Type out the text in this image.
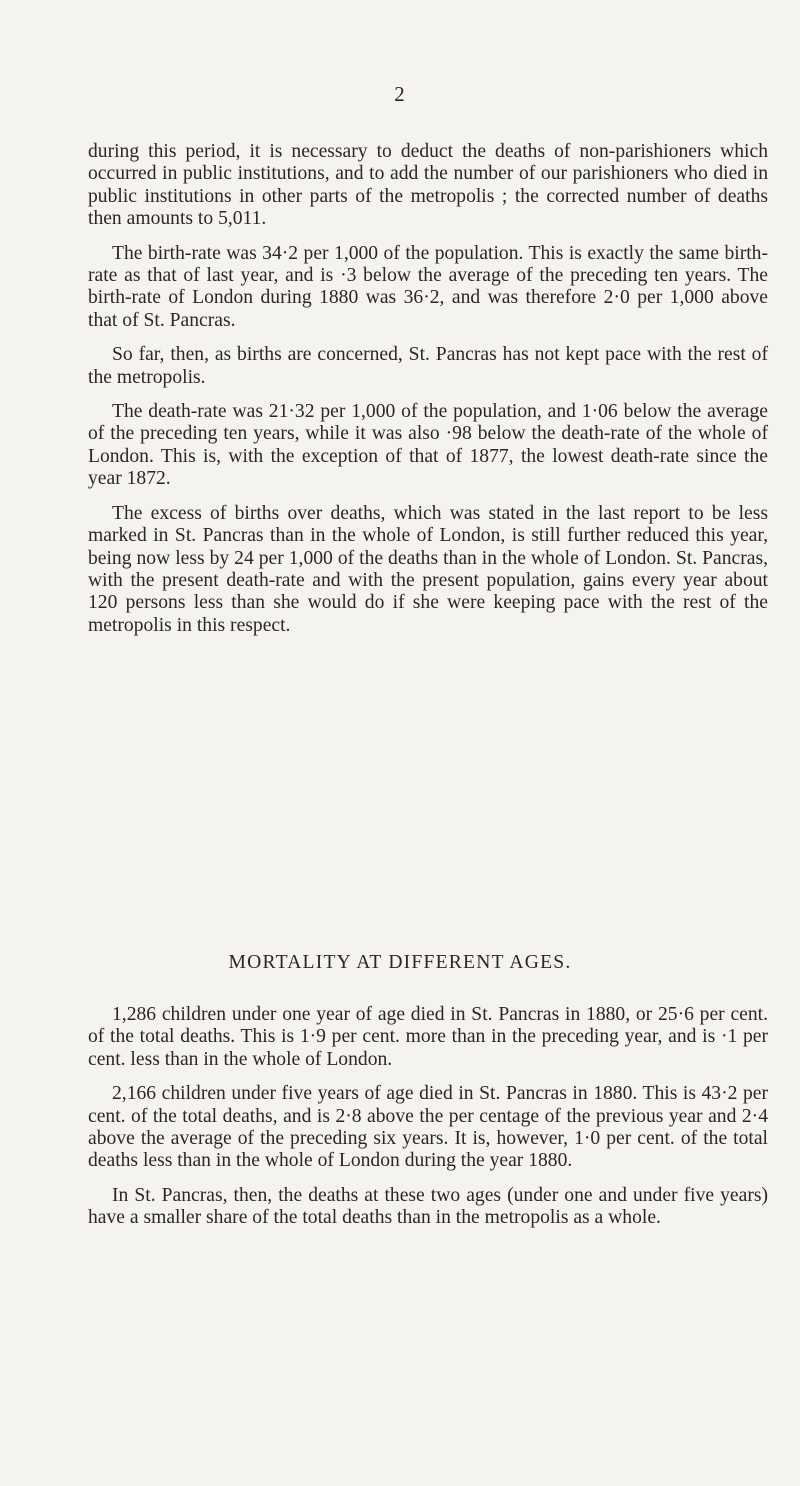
2

during this period, it is necessary to deduct the deaths of non-parishioners which occurred in public institutions, and to add the number of our parishioners who died in public institutions in other parts of the metropolis ; the corrected number of deaths then amounts to 5,011.

The birth-rate was 34·2 per 1,000 of the population. This is exactly the same birth-rate as that of last year, and is ·3 below the average of the preceding ten years. The birth-rate of London during 1880 was 36·2, and was therefore 2·0 per 1,000 above that of St. Pancras.

So far, then, as births are concerned, St. Pancras has not kept pace with the rest of the metropolis.

The death-rate was 21·32 per 1,000 of the population, and 1·06 below the average of the preceding ten years, while it was also ·98 below the death-rate of the whole of London. This is, with the exception of that of 1877, the lowest death-rate since the year 1872.

The excess of births over deaths, which was stated in the last report to be less marked in St. Pancras than in the whole of London, is still further reduced this year, being now less by 24 per 1,000 of the deaths than in the whole of London. St. Pancras, with the present death-rate and with the present population, gains every year about 120 persons less than she would do if she were keeping pace with the rest of the metropolis in this respect.

MORTALITY AT DIFFERENT AGES.

1,286 children under one year of age died in St. Pancras in 1880, or 25·6 per cent. of the total deaths. This is 1·9 per cent. more than in the preceding year, and is ·1 per cent. less than in the whole of London.

2,166 children under five years of age died in St. Pancras in 1880. This is 43·2 per cent. of the total deaths, and is 2·8 above the per centage of the previous year and 2·4 above the average of the preceding six years. It is, however, 1·0 per cent. of the total deaths less than in the whole of London during the year 1880.

In St. Pancras, then, the deaths at these two ages (under one and under five years) have a smaller share of the total deaths than in the metropolis as a whole.
